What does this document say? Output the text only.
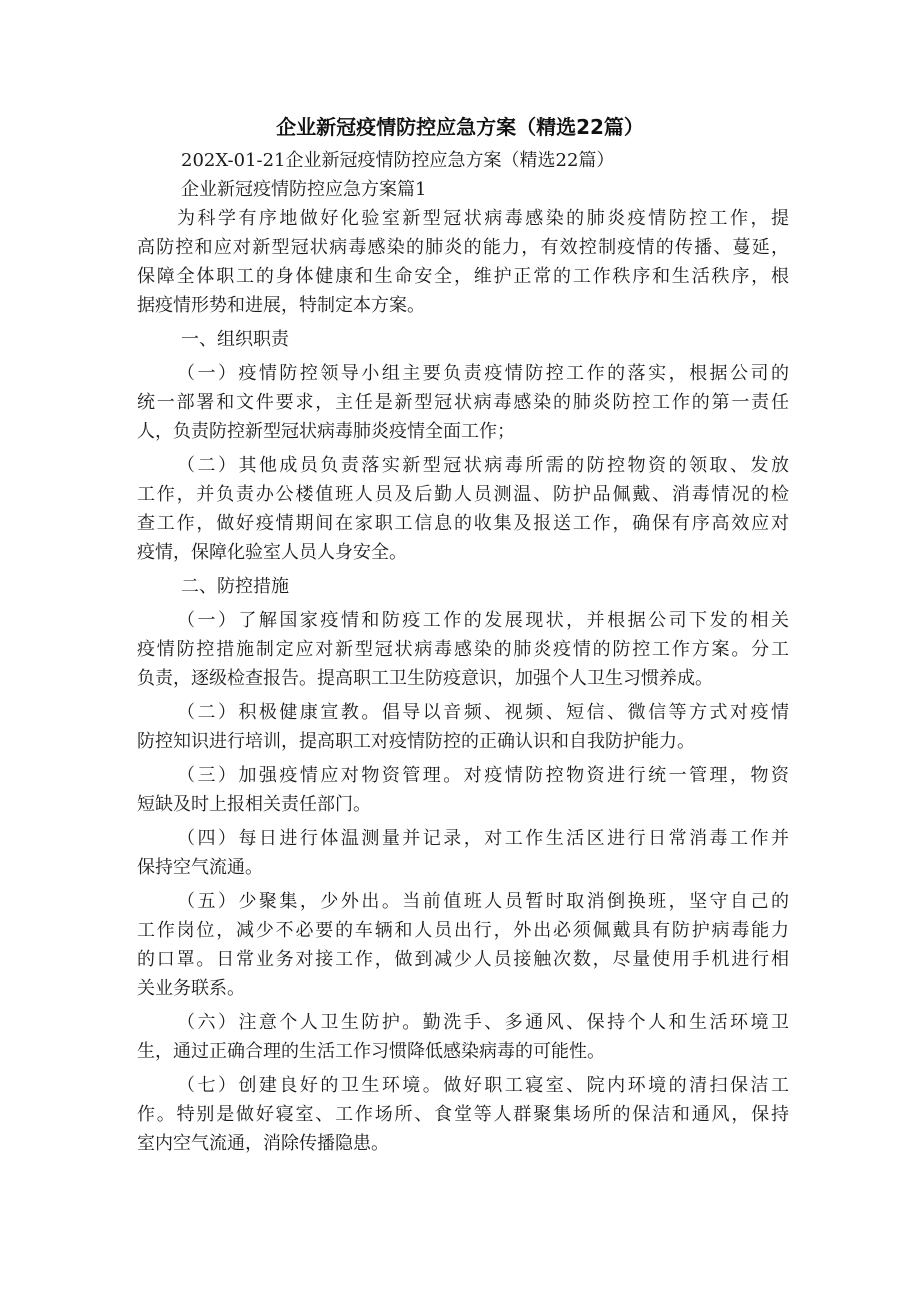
企业新冠疫情防控应急方案（精选22篇）

202X-01-21企业新冠疫情防控应急方案（精选22篇）

企业新冠疫情防控应急方案篇1

为科学有序地做好化验室新型冠状病毒感染的肺炎疫情防控工作，提

高防控和应对新型冠状病毒感染的肺炎的能力，有效控制疫情的传播、蔓延，

保障全体职工的身体健康和生命安全，维护正常的工作秩序和生活秩序，根

据疫情形势和进展，特制定本方案。

一、组织职责

（一）疫情防控领导小组主要负责疫情防控工作的落实，根据公司的

统一部署和文件要求，主任是新型冠状病毒感染的肺炎防控工作的第一责任

人，负责防控新型冠状病毒肺炎疫情全面工作；

（二）其他成员负责落实新型冠状病毒所需的防控物资的领取、发放

工作，并负责办公楼值班人员及后勤人员测温、防护品佩戴、消毒情况的检

查工作，做好疫情期间在家职工信息的收集及报送工作，确保有序高效应对

疫情，保障化验室人员人身安全。

二、防控措施

（一）了解国家疫情和防疫工作的发展现状，并根据公司下发的相关

疫情防控措施制定应对新型冠状病毒感染的肺炎疫情的防控工作方案。分工

负责，逐级检查报告。提高职工卫生防疫意识，加强个人卫生习惯养成。

（二）积极健康宣教。倡导以音频、视频、短信、微信等方式对疫情

防控知识进行培训，提高职工对疫情防控的正确认识和自我防护能力。

（三）加强疫情应对物资管理。对疫情防控物资进行统一管理，物资

短缺及时上报相关责任部门。

（四）每日进行体温测量并记录，对工作生活区进行日常消毒工作并

保持空气流通。

（五）少聚集，少外出。当前值班人员暂时取消倒换班，坚守自己的

工作岗位，减少不必要的车辆和人员出行，外出必须佩戴具有防护病毒能力

的口罩。日常业务对接工作，做到减少人员接触次数，尽量使用手机进行相

关业务联系。

（六）注意个人卫生防护。勤洗手、多通风、保持个人和生活环境卫

生，通过正确合理的生活工作习惯降低感染病毒的可能性。

（七）创建良好的卫生环境。做好职工寝室、院内环境的清扫保洁工

作。特别是做好寝室、工作场所、食堂等人群聚集场所的保洁和通风，保持

室内空气流通，消除传播隐患。
